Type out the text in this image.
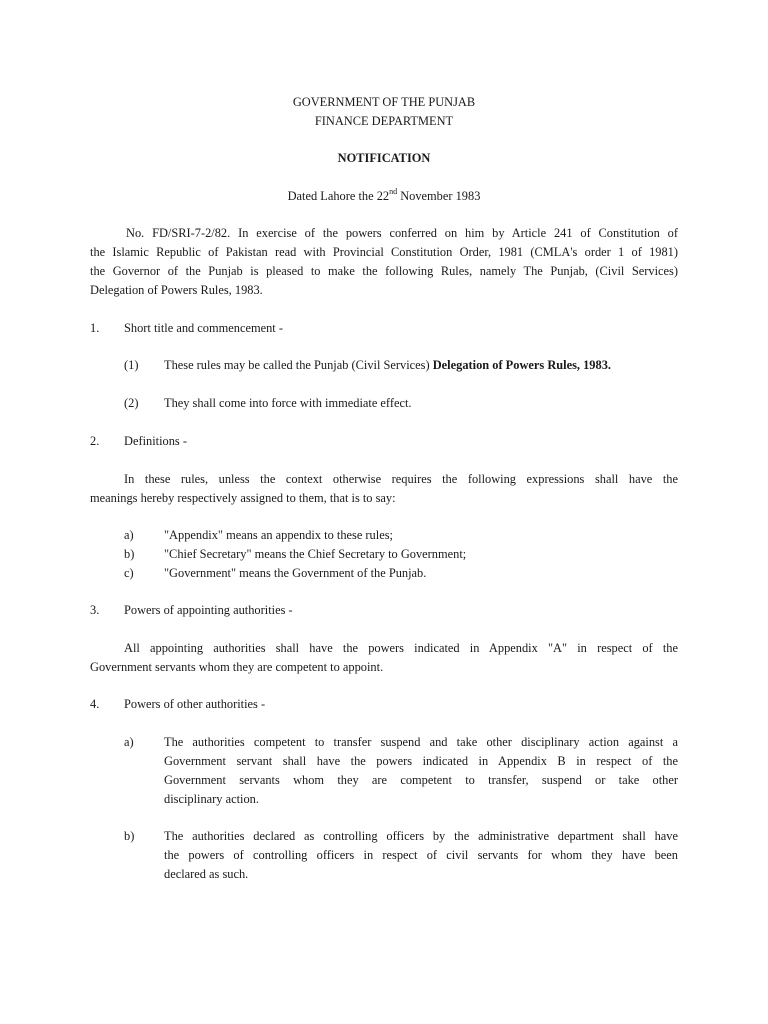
GOVERNMENT OF THE PUNJAB
FINANCE DEPARTMENT
NOTIFICATION
Dated Lahore the 22nd November 1983
No. FD/SRI-7-2/82. In exercise of the powers conferred on him by Article 241 of Constitution of
the Islamic Republic of Pakistan read with Provincial Constitution Order, 1981 (CMLA's order 1 of 1981)
the Governor of the Punjab is pleased to make the following Rules, namely The Punjab, (Civil Services)
Delegation of Powers Rules, 1983.
1. Short title and commencement -
(1) These rules may be called the Punjab (Civil Services) Delegation of Powers Rules, 1983.
(2) They shall come into force with immediate effect.
2. Definitions -
In these rules, unless the context otherwise requires the following expressions shall have the
meanings hereby respectively assigned to them, that is to say:
a) "Appendix" means an appendix to these rules;
b) "Chief Secretary" means the Chief Secretary to Government;
c) "Government" means the Government of the Punjab.
3. Powers of appointing authorities -
All appointing authorities shall have the powers indicated in Appendix "A" in respect of the
Government servants whom they are competent to appoint.
4. Powers of other authorities -
a) The authorities competent to transfer suspend and take other disciplinary action against a
Government servant shall have the powers indicated in Appendix B in respect of the
Government servants whom they are competent to transfer, suspend or take other
disciplinary action.
b) The authorities declared as controlling officers by the administrative department shall have
the powers of controlling officers in respect of civil servants for whom they have been
declared as such.
